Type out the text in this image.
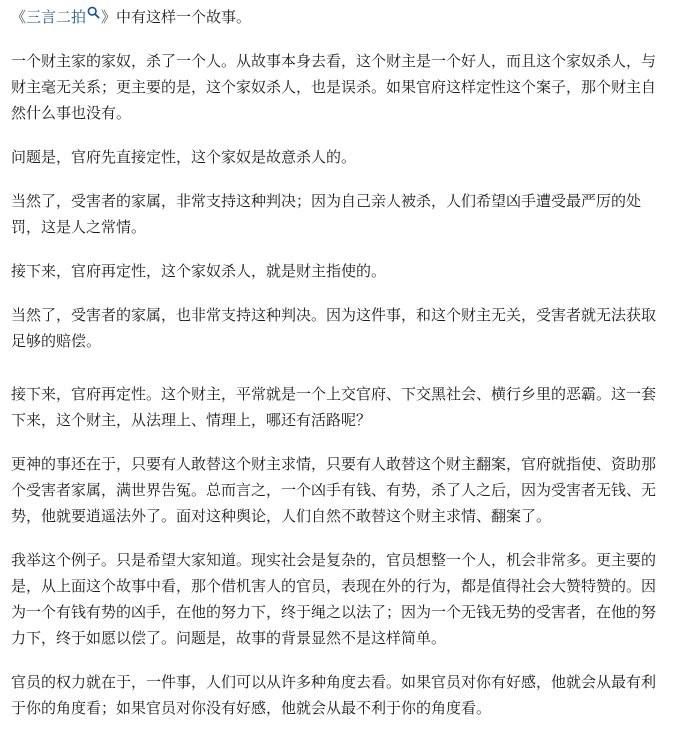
《三言二拍 》中有这样一个故事。

一个财主家的家奴，杀了一个人。从故事本身去看，这个财主是一个好人，而且这个家奴杀人，与财主毫无关系；更主要的是，这个家奴杀人，也是误杀。如果官府这样定性这个案子，那个财主自然什么事也没有。

问题是，官府先直接定性，这个家奴是故意杀人的。

当然了，受害者的家属，非常支持这种判决；因为自己亲人被杀，人们希望凶手遭受最严厉的处罚，这是人之常情。

接下来，官府再定性，这个家奴杀人，就是财主指使的。

当然了，受害者的家属，也非常支持这种判决。因为这件事，和这个财主无关，受害者就无法获取足够的赔偿。

接下来，官府再定性。这个财主，平常就是一个上交官府、下交黑社会、横行乡里的恶霸。这一套下来，这个财主，从法理上、情理上，哪还有活路呢？

更神的事还在于，只要有人敢替这个财主求情，只要有人敢替这个财主翻案，官府就指使、资助那个受害者家属，满世界告冤。总而言之，一个凶手有钱、有势，杀了人之后，因为受害者无钱、无势，他就要逍遥法外了。面对这种舆论，人们自然不敢替这个财主求情、翻案了。

我举这个例子。只是希望大家知道。现实社会是复杂的，官员想整一个人，机会非常多。更主要的是，从上面这个故事中看，那个借机害人的官员，表现在外的行为，都是值得社会大赞特赞的。因为一个有钱有势的凶手，在他的努力下，终于绳之以法了；因为一个无钱无势的受害者，在他的努力下，终于如愿以偿了。问题是，故事的背景显然不是这样简单。

官员的权力就在于，一件事，人们可以从许多种角度去看。如果官员对你有好感，他就会从最有利于你的角度看；如果官员对你没有好感，他就会从最不利于你的角度看。
